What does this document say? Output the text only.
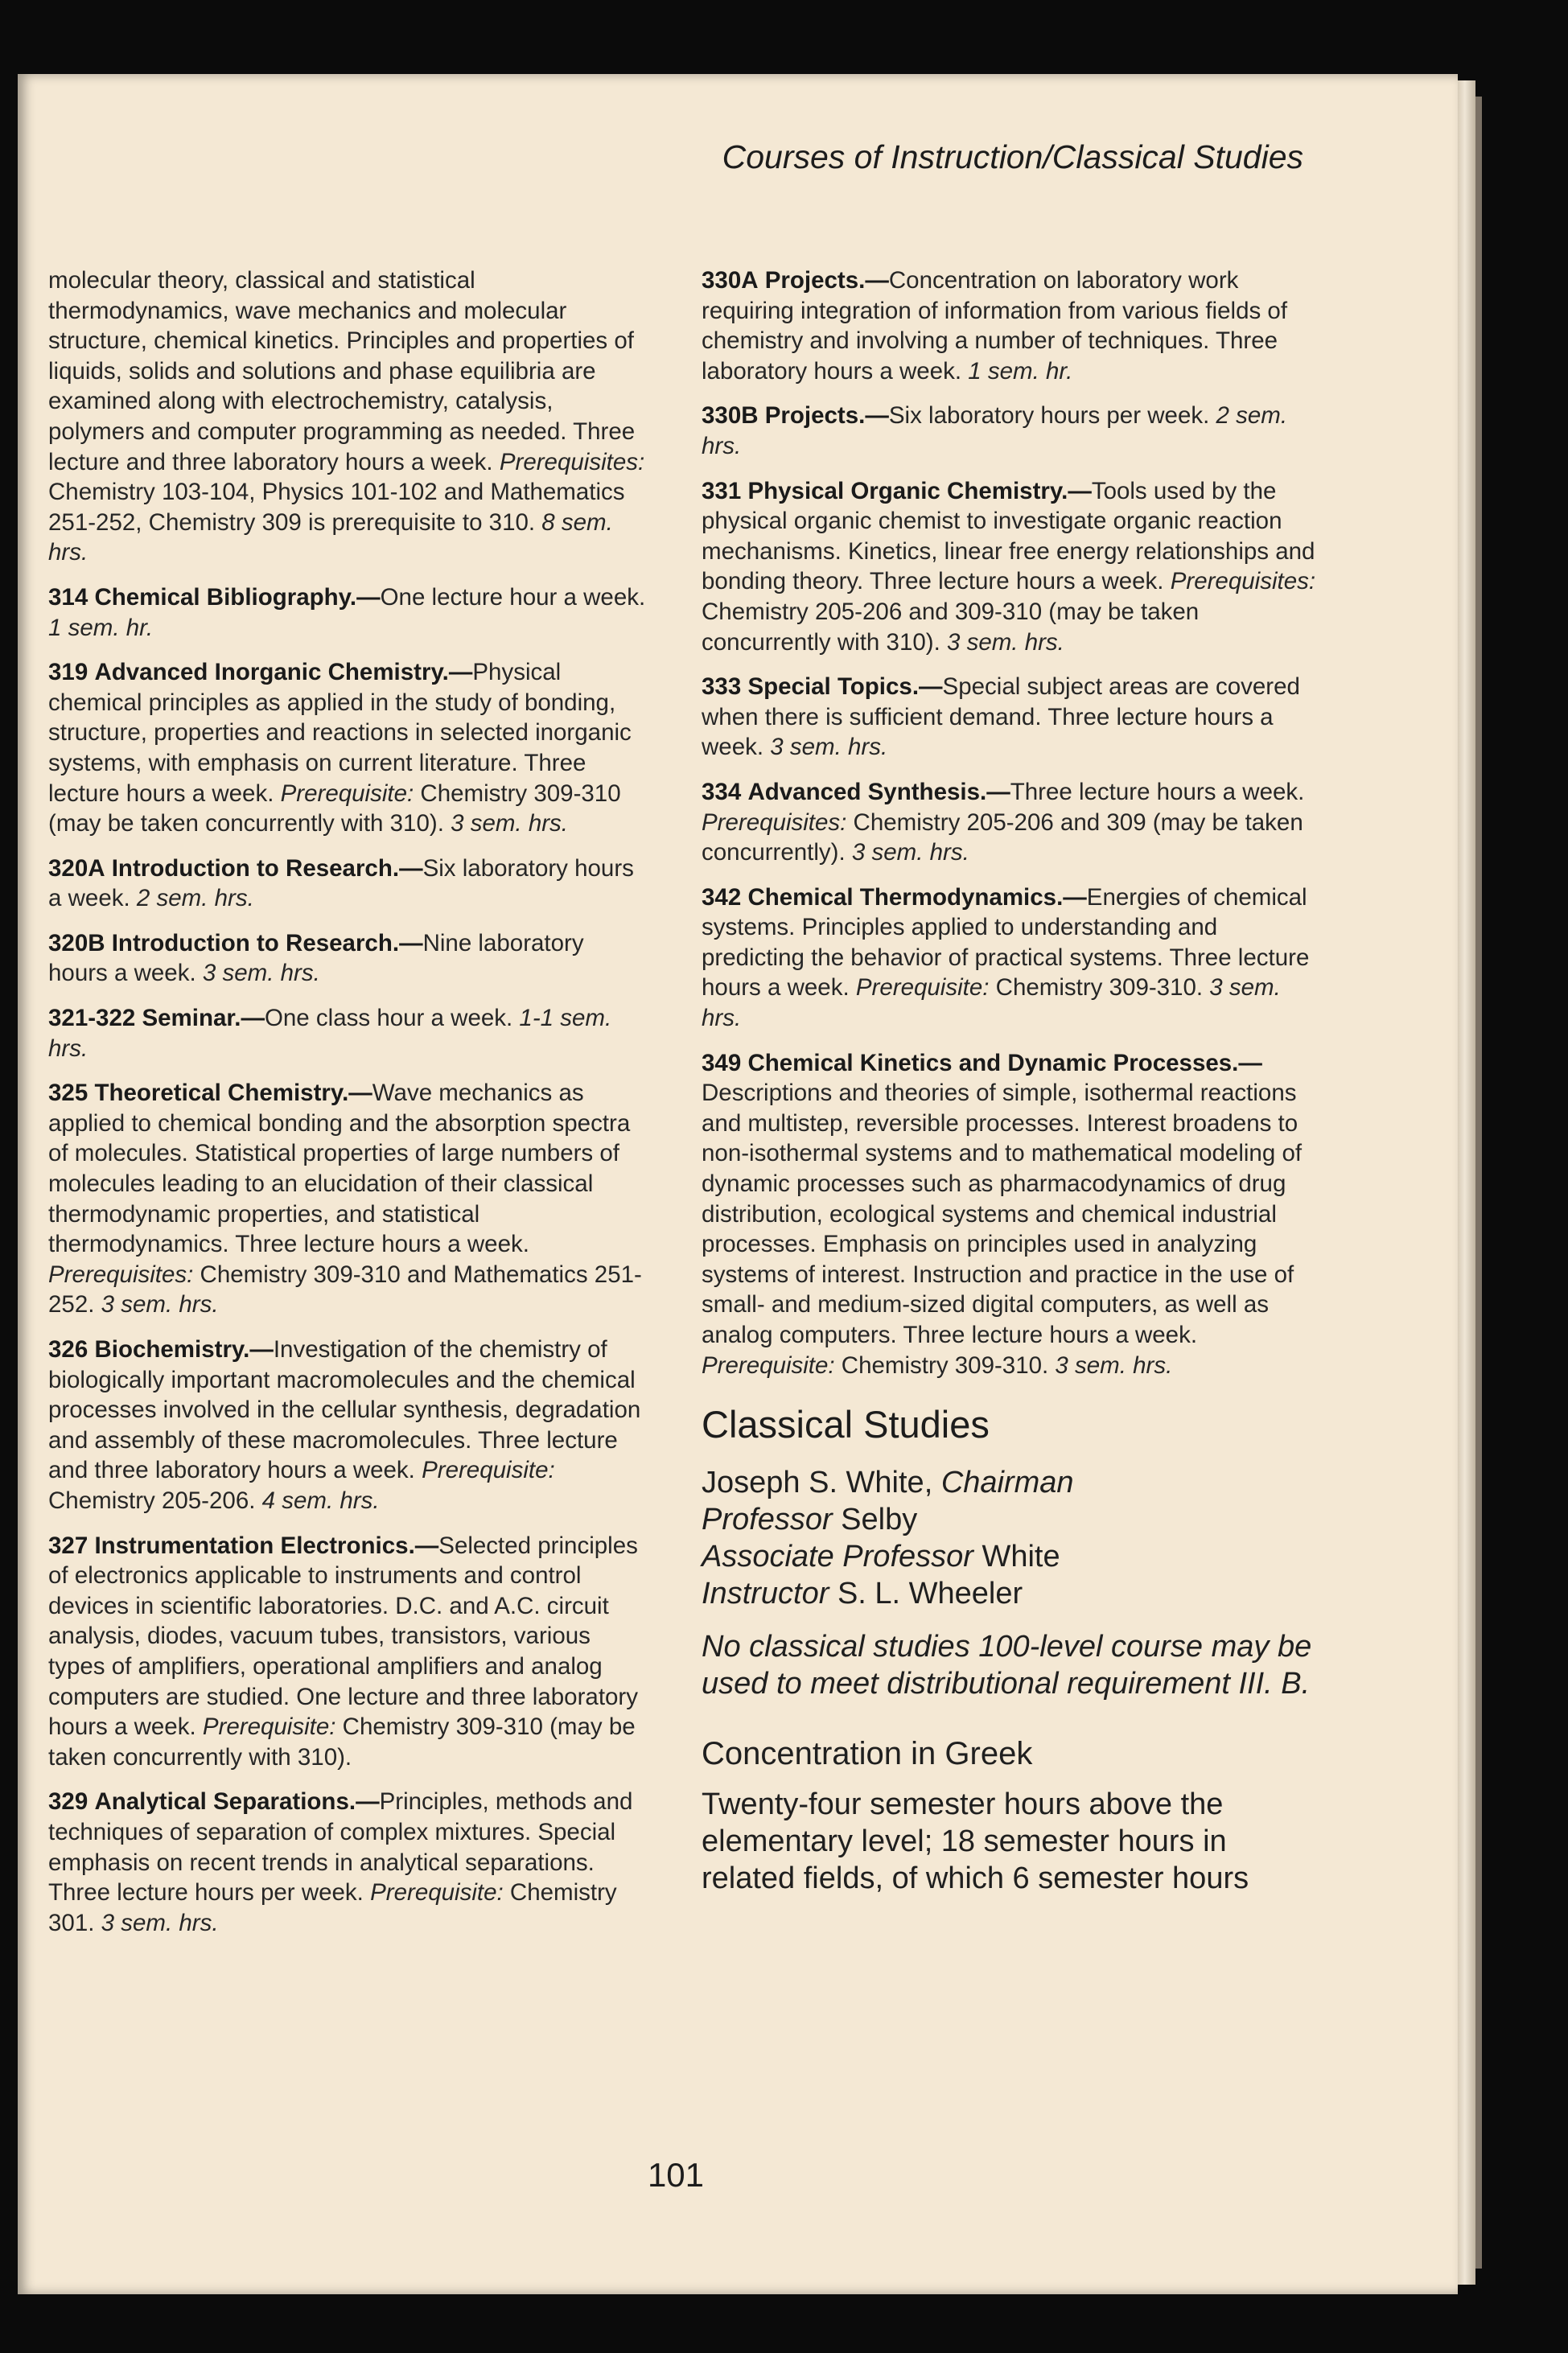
Courses of Instruction/Classical Studies

molecular theory, classical and statistical thermodynamics, wave mechanics and molecular structure, chemical kinetics. Principles and properties of liquids, solids and solutions and phase equilibria are examined along with electrochemistry, catalysis, polymers and computer programming as needed. Three lecture and three laboratory hours a week. Prerequisites: Chemistry 103-104, Physics 101-102 and Mathematics 251-252, Chemistry 309 is prerequisite to 310. 8 sem. hrs.

314 Chemical Bibliography.—One lecture hour a week. 1 sem. hr.

319 Advanced Inorganic Chemistry.—Physical chemical principles as applied in the study of bonding, structure, properties and reactions in selected inorganic systems, with emphasis on current literature. Three lecture hours a week. Prerequisite: Chemistry 309-310 (may be taken concurrently with 310). 3 sem. hrs.

320A Introduction to Research.—Six laboratory hours a week. 2 sem. hrs.

320B Introduction to Research.—Nine laboratory hours a week. 3 sem. hrs.

321-322 Seminar.—One class hour a week. 1-1 sem. hrs.

325 Theoretical Chemistry.—Wave mechanics as applied to chemical bonding and the absorption spectra of molecules. Statistical properties of large numbers of molecules leading to an elucidation of their classical thermodynamic properties, and statistical thermodynamics. Three lecture hours a week. Prerequisites: Chemistry 309-310 and Mathematics 251-252. 3 sem. hrs.

326 Biochemistry.—Investigation of the chemistry of biologically important macromolecules and the chemical processes involved in the cellular synthesis, degradation and assembly of these macromolecules. Three lecture and three laboratory hours a week. Prerequisite: Chemistry 205-206. 4 sem. hrs.

327 Instrumentation Electronics.—Selected principles of electronics applicable to instruments and control devices in scientific laboratories. D.C. and A.C. circuit analysis, diodes, vacuum tubes, transistors, various types of amplifiers, operational amplifiers and analog computers are studied. One lecture and three laboratory hours a week. Prerequisite: Chemistry 309-310 (may be taken concurrently with 310).

329 Analytical Separations.—Principles, methods and techniques of separation of complex mixtures. Special emphasis on recent trends in analytical separations. Three lecture hours per week. Prerequisite: Chemistry 301. 3 sem. hrs.

330A Projects.—Concentration on laboratory work requiring integration of information from various fields of chemistry and involving a number of techniques. Three laboratory hours a week. 1 sem. hr.

330B Projects.—Six laboratory hours per week. 2 sem. hrs.

331 Physical Organic Chemistry.—Tools used by the physical organic chemist to investigate organic reaction mechanisms. Kinetics, linear free energy relationships and bonding theory. Three lecture hours a week. Prerequisites: Chemistry 205-206 and 309-310 (may be taken concurrently with 310). 3 sem. hrs.

333 Special Topics.—Special subject areas are covered when there is sufficient demand. Three lecture hours a week. 3 sem. hrs.

334 Advanced Synthesis.—Three lecture hours a week. Prerequisites: Chemistry 205-206 and 309 (may be taken concurrently). 3 sem. hrs.

342 Chemical Thermodynamics.—Energies of chemical systems. Principles applied to understanding and predicting the behavior of practical systems. Three lecture hours a week. Prerequisite: Chemistry 309-310. 3 sem. hrs.

349 Chemical Kinetics and Dynamic Processes.—Descriptions and theories of simple, isothermal reactions and multistep, reversible processes. Interest broadens to non-isothermal systems and to mathematical modeling of dynamic processes such as pharmacodynamics of drug distribution, ecological systems and chemical industrial processes. Emphasis on principles used in analyzing systems of interest. Instruction and practice in the use of small- and medium-sized digital computers, as well as analog computers. Three lecture hours a week. Prerequisite: Chemistry 309-310. 3 sem. hrs.

Classical Studies
Joseph S. White, Chairman
Professor Selby
Associate Professor White
Instructor S. L. Wheeler
No classical studies 100-level course may be used to meet distributional requirement III. B.
Concentration in Greek
Twenty-four semester hours above the elementary level; 18 semester hours in related fields, of which 6 semester hours
101
